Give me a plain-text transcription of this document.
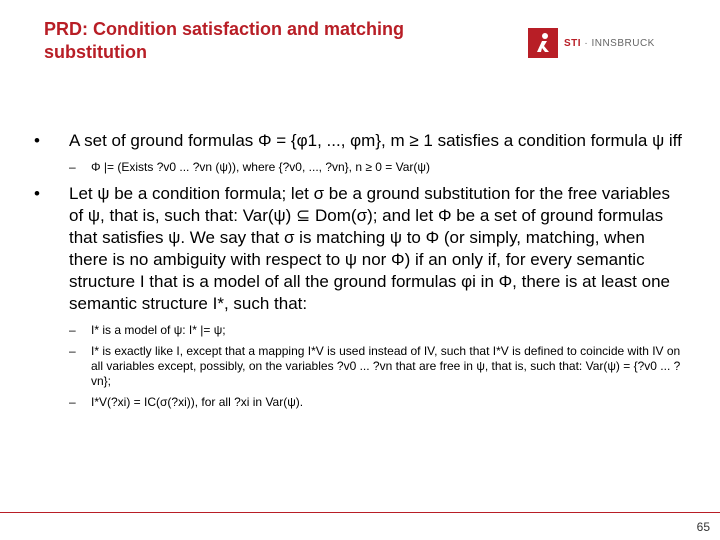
PRD: Condition satisfaction and matching substitution	STI · INNSBRUCK
•	A set of ground formulas Φ = {φ1, ..., φm}, m ≥ 1 satisfies a condition formula ψ iff
–	Φ |= (Exists ?v0 ... ?vn (ψ)), where {?v0, ..., ?vn}, n ≥ 0 = Var(ψ)
•	Let ψ be a condition formula; let σ be a ground substitution for the free variables of ψ, that is, such that: Var(ψ) ⊆ Dom(σ); and let Φ be a set of ground formulas that satisfies ψ. We say that σ is matching ψ to Φ (or simply, matching, when there is no ambiguity with respect to ψ nor Φ) if an only if, for every semantic structure I that is a model of all the ground formulas φi in Φ, there is at least one semantic structure I*, such that:
–	I* is a model of ψ: I* |= ψ;
–	I* is exactly like I, except that a mapping I*V is used instead of IV, such that I*V is defined to coincide with IV on all variables except, possibly, on the variables ?v0 ... ?vn that are free in ψ, that is, such that: Var(ψ) = {?v0 ... ?vn};
–	I*V(?xi) = IC(σ(?xi)), for all ?xi in Var(ψ).
65
